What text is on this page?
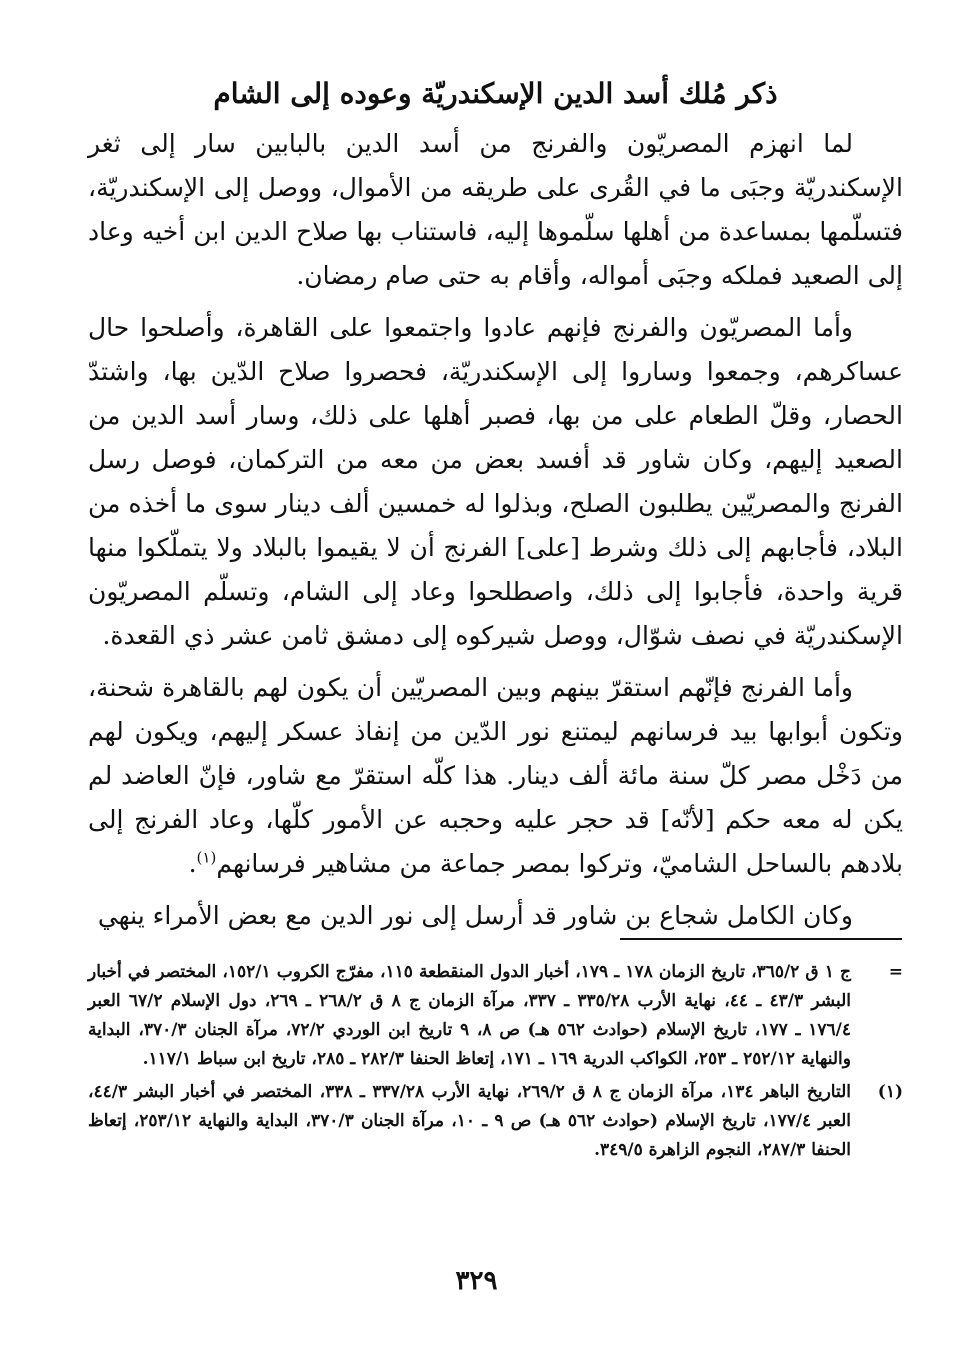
ذكر مُلك أسد الدين الإسكندريّة وعوده إلى الشام

لما انهزم المصريّون والفرنج من أسد الدين بالبابين سار إلى ثغر الإسكندريّة وجبَى ما في القُرى على طريقه من الأموال، ووصل إلى الإسكندريّة، فتسلّمها بمساعدة من أهلها سلّموها إليه، فاستناب بها صلاح الدين ابن أخيه وعاد إلى الصعيد فملكه وجبَى أمواله، وأقام به حتى صام رمضان.

وأما المصريّون والفرنج فإنهم عادوا واجتمعوا على القاهرة، وأصلحوا حال عساكرهم، وجمعوا وساروا إلى الإسكندريّة، فحصروا صلاح الدّين بها، واشتدّ الحصار، وقلّ الطعام على من بها، فصبر أهلها على ذلك، وسار أسد الدين من الصعيد إليهم، وكان شاور قد أفسد بعض من معه من التركمان، فوصل رسل الفرنج والمصريّين يطلبون الصلح، وبذلوا له خمسين ألف دينار سوى ما أخذه من البلاد، فأجابهم إلى ذلك وشرط [على] الفرنج أن لا يقيموا بالبلاد ولا يتملّكوا منها قرية واحدة، فأجابوا إلى ذلك، واصطلحوا وعاد إلى الشام، وتسلّم المصريّون الإسكندريّة في نصف شوّال، ووصل شيركوه إلى دمشق ثامن عشر ذي القعدة.

وأما الفرنج فإنّهم استقرّ بينهم وبين المصريّين أن يكون لهم بالقاهرة شحنة، وتكون أبوابها بيد فرسانهم ليمتنع نور الدّين من إنفاذ عسكر إليهم، ويكون لهم من دَخْل مصر كلّ سنة مائة ألف دينار. هذا كلّه استقرّ مع شاور، فإنّ العاضد لم يكن له معه حكم [لأنّه] قد حجر عليه وحجبه عن الأمور كلّها، وعاد الفرنج إلى بلادهم بالساحل الشاميّ، وتركوا بمصر جماعة من مشاهير فرسانهم$^{(١)}$.

وكان الكامل شجاع بن شاور قد أرسل إلى نور الدين مع بعض الأمراء ينهي

=
ج ١ ق ٣٦٥/٢، تاريخ الزمان ١٧٨ ـ ١٧٩، أخبار الدول المنقطعة ١١٥، مفرّج الكروب ١٥٢/١، المختصر في أخبار البشر ٤٣/٣ ـ ٤٤، نهاية الأرب ٣٣٥/٢٨ ـ ٣٣٧، مرآة الزمان ج ٨ ق ٢٦٨/٢ ـ ٢٦٩، دول الإسلام ٦٧/٢ العبر ١٧٦/٤ ـ ١٧٧، تاريخ الإسلام (حوادث ٥٦٢ هـ) ص ٨، ٩ تاريخ ابن الوردي ٧٢/٢، مرآة الجنان ٣٧٠/٣، البداية والنهاية ٢٥٢/١٢ ـ ٢٥٣، الكواكب الدرية ١٦٩ ـ ١٧١، إتعاظ الحنفا ٢٨٢/٣ ـ ٢٨٥، تاريخ ابن سباط ١١٧/١.
(١)
التاريخ الباهر ١٣٤، مرآة الزمان ج ٨ ق ٢٦٩/٢، نهاية الأرب ٣٣٧/٢٨ ـ ٣٣٨، المختصر في أخبار البشر ٤٤/٣، العبر ١٧٧/٤، تاريخ الإسلام (حوادث ٥٦٢ هـ) ص ٩ ـ ١٠، مرآة الجنان ٣٧٠/٣، البداية والنهاية ٢٥٣/١٢، إتعاظ الحنفا ٢٨٧/٣، النجوم الزاهرة ٣٤٩/٥.
٣٢٩
